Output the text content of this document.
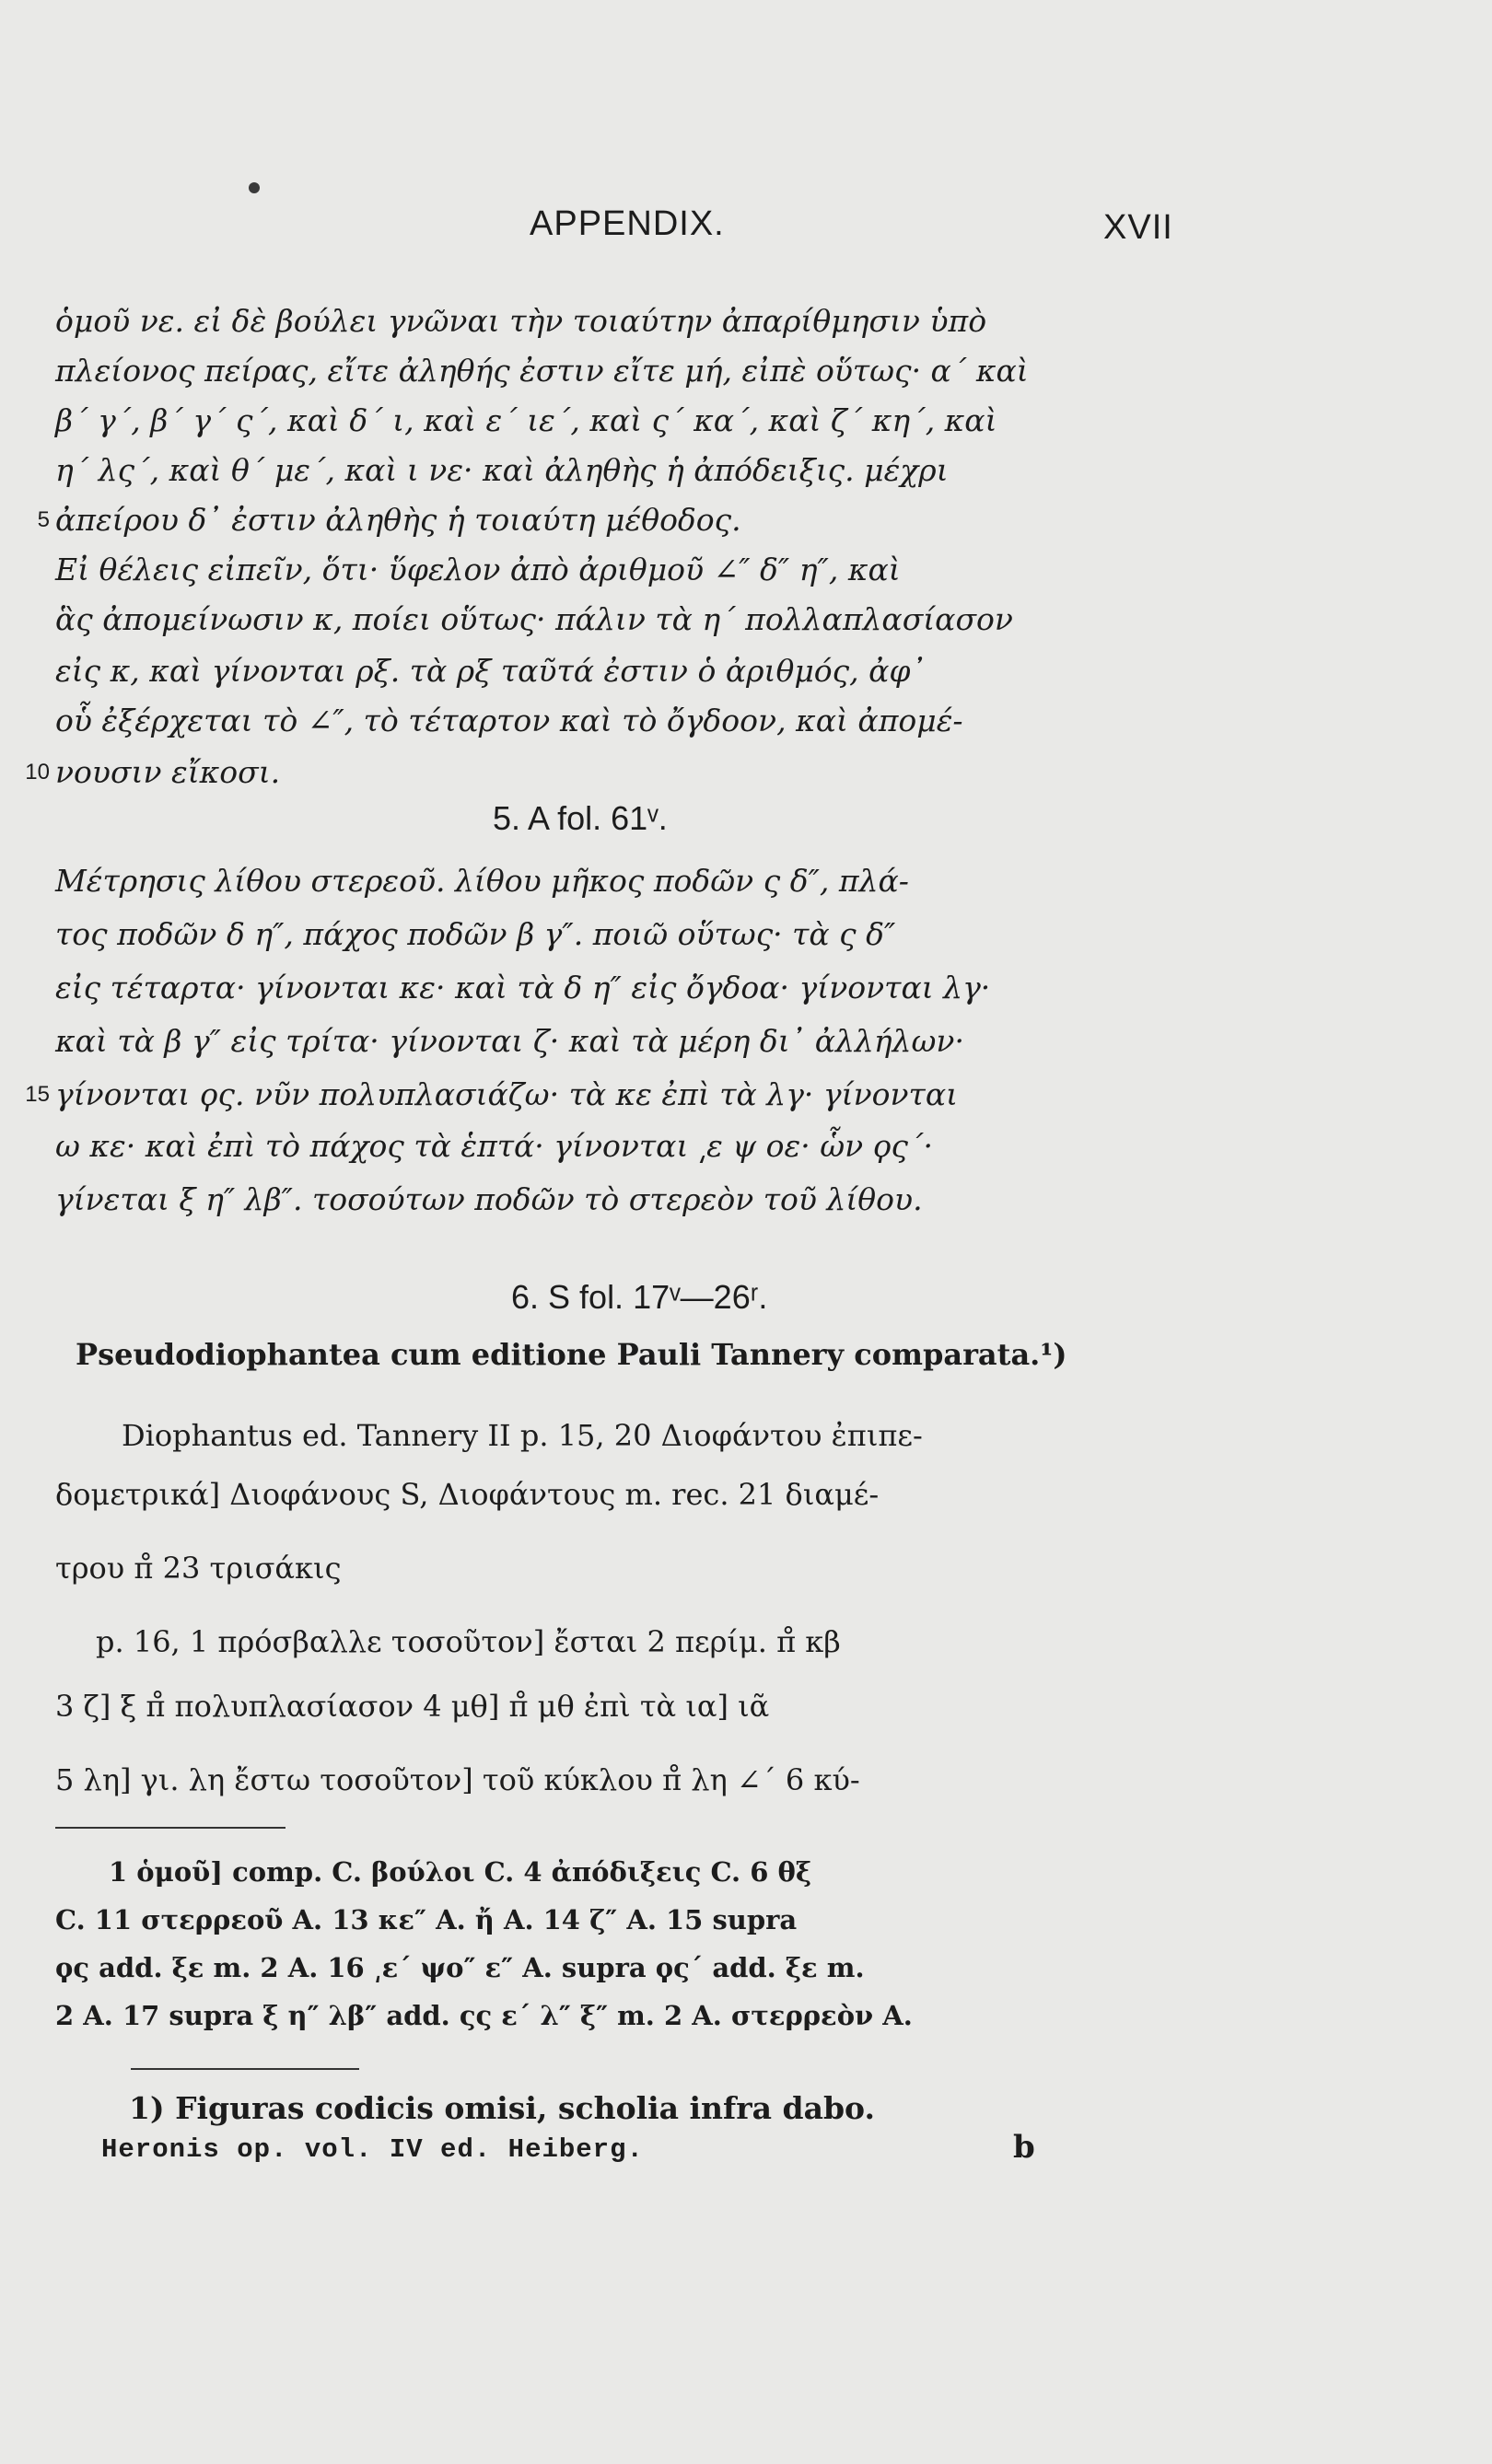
APPENDIX.	XVII
ὁμοῦ νε. εἰ δὲ βούλει γνῶναι τὴν τοιαύτην ἀπαρίθμησιν ὑπὸ
πλείονος πείρας, εἴτε ἀληθής ἐστιν εἴτε μή, εἰπὲ οὕτως· α´ καὶ
β´ γ´, β´ γ´ ς´, καὶ δ´ ι, καὶ ε´ ιε´, καὶ ς´ κα´, καὶ ζ´ κη´, καὶ
η´ λς´, καὶ θ´ με´, καὶ ι νε· καὶ ἀληθὴς ἡ ἀπόδειξις. μέχρι
5 ἀπείρου δ᾽ ἐστιν ἀληθὴς ἡ τοιαύτη μέθοδος.
Εἰ θέλεις εἰπεῖν, ὅτι· ὕφελον ἀπὸ ἀριθμοῦ ∠″ δ″ η″, καὶ
ἃς ἀπομείνωσιν κ, ποίει οὕτως· πάλιν τὰ η´ πολλαπλασίασον
εἰς κ, καὶ γίνονται ρξ. τὰ ρξ ταῦτά ἐστιν ὁ ἀριθμός, ἀφ᾽
οὗ ἐξέρχεται τὸ ∠″, τὸ τέταρτον καὶ τὸ ὄγδοον, καὶ ἀπομέ-
10 νουσιν εἴκοσι.
5. A fol. 61ᵛ.
Μέτρησις λίθου στερεοῦ. λίθου μῆκος ποδῶν ς δ″, πλά-
τος ποδῶν δ η″, πάχος ποδῶν β γ″. ποιῶ οὕτως· τὰ ς δ″
εἰς τέταρτα· γίνονται κε· καὶ τὰ δ η″ εἰς ὄγδοα· γίνονται λγ·
καὶ τὰ β γ″ εἰς τρίτα· γίνονται ζ· καὶ τὰ μέρη δι᾽ ἀλλήλων·
15 γίνονται ϙς. νῦν πολυπλασιάζω· τὰ κε ἐπὶ τὰ λγ· γίνονται
ω κε· καὶ ἐπὶ τὸ πάχος τὰ ἑπτά· γίνονται ͵ε ψ οε· ὧν ϙς´·
γίνεται ξ η″ λβ″. τοσούτων ποδῶν τὸ στερεὸν τοῦ λίθου.
6. S fol. 17ᵛ—26ʳ.
Pseudodiophantea cum editione Pauli Tannery comparata.¹)
Diophantus ed. Tannery II p. 15, 20 Διοφάντου ἐπιπε-
δομετρικά] Διοφάνους S, Διοφάντους m. rec. 21 διαμέ-
τρου π̊ 23 τρισάκις
p. 16, 1 πρόσβαλλε τοσοῦτον] ἔσται 2 περίμ. π̊ κβ
3 ζ] ξ π̊ πολυπλασίασον 4 μθ] π̊ μθ ἐπὶ τὰ ια] ιᾶ
5 λη] γι. λη ἔστω τοσοῦτον] τοῦ κύκλου π̊ λη ∠´ 6 κύ-
1 ὁμοῦ] comp. C. βούλοι C. 4 ἀπόδιξεις C. 6 θξ
C. 11 στερρεοῦ A. 13 κε″ A. ἤ A. 14 ζ″ A. 15 supra
ϙς add. ξε m. 2 A. 16 ͵ε´ ψο″ ε″ A. supra ϙς´ add. ξε m.
2 A. 17 supra ξ η″ λβ″ add. ςς ε´ λ″ ξ″ m. 2 A. στερρεὸν A.
1) Figuras codicis omisi, scholia infra dabo.
Heronis op. vol. IV ed. Heiberg.	b
